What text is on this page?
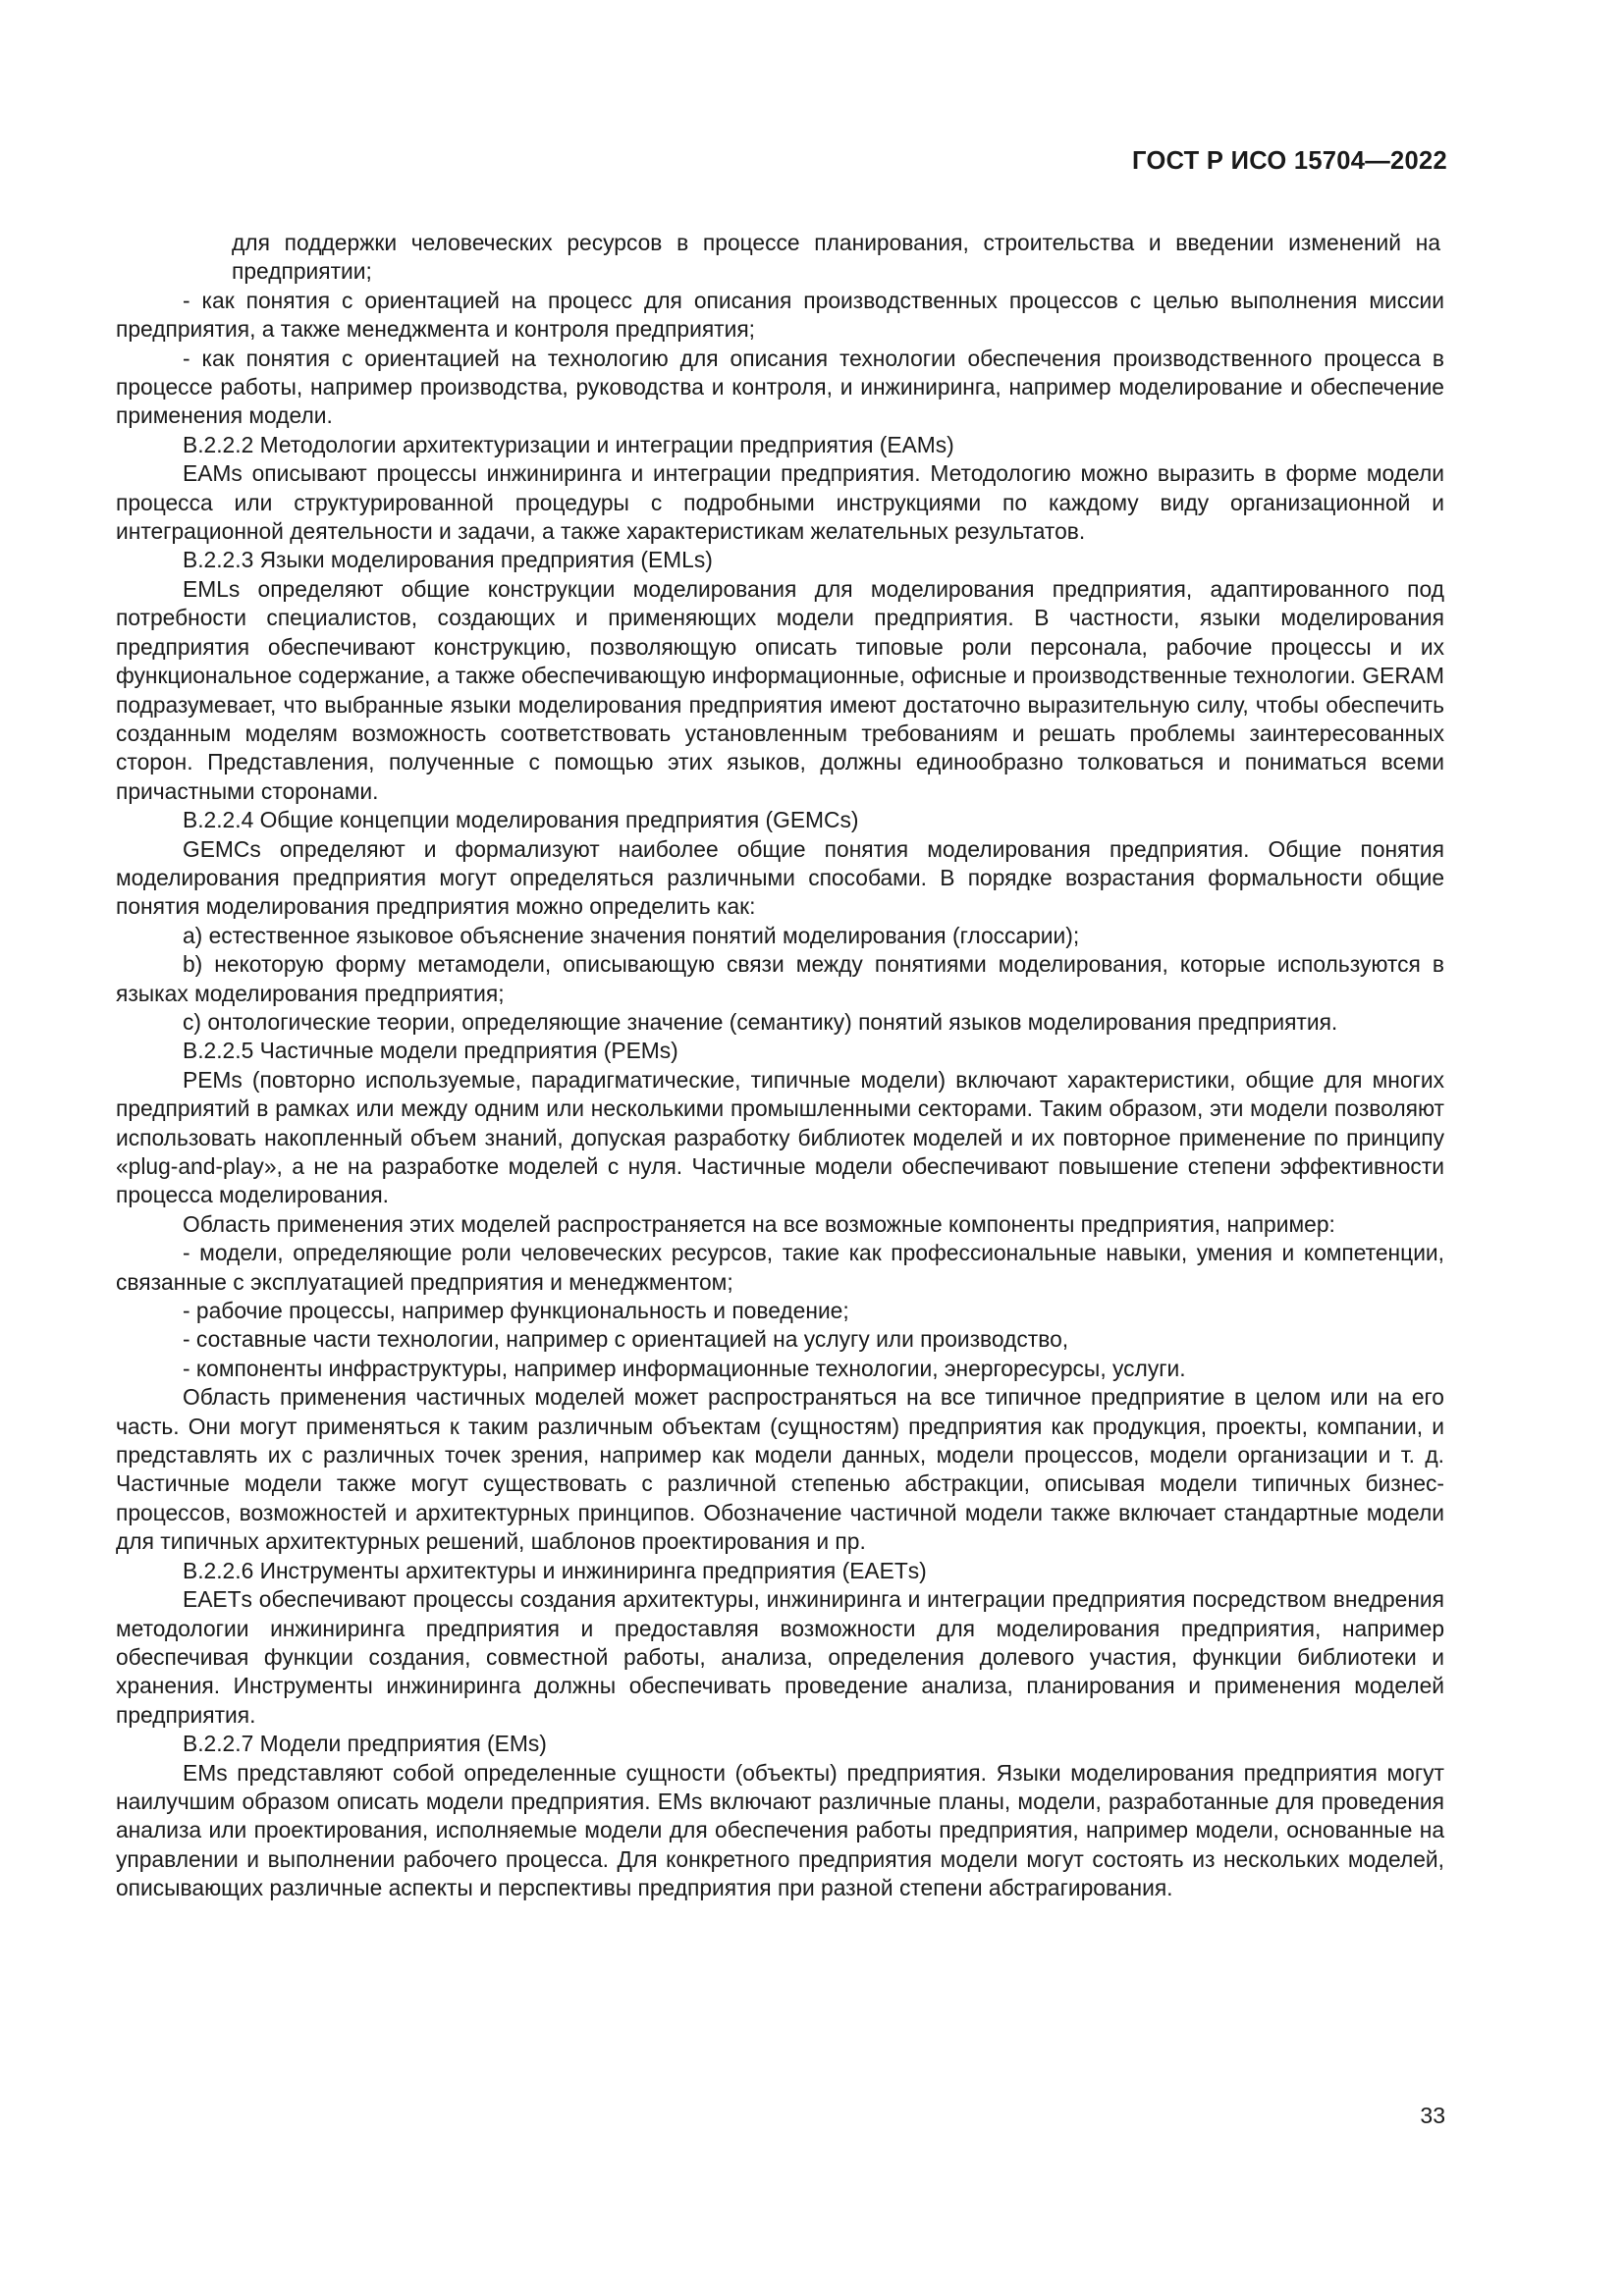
ГОСТ Р ИСО 15704—2022

для поддержки человеческих ресурсов в процессе планирования, строительства и введении изменений на предприятии;

- как понятия с ориентацией на процесс для описания производственных процессов с целью выполнения миссии предприятия, а также менеджмента и контроля предприятия;

- как понятия с ориентацией на технологию для описания технологии обеспечения производственного процесса в процессе работы, например производства, руководства и контроля, и инжиниринга, например моделирование и обеспечение применения модели.

В.2.2.2 Методологии архитектуризации и интеграции предприятия (ЕАМs)

ЕАМs описывают процессы инжиниринга и интеграции предприятия. Методологию можно выразить в форме модели процесса или структурированной процедуры с подробными инструкциями по каждому виду организационной и интеграционной деятельности и задачи, а также характеристикам желательных результатов.

В.2.2.3 Языки моделирования предприятия (ЕМLs)

ЕМLs определяют общие конструкции моделирования для моделирования предприятия, адаптированного под потребности специалистов, создающих и применяющих модели предприятия. В частности, языки моделирования предприятия обеспечивают конструкцию, позволяющую описать типовые роли персонала, рабочие процессы и их функциональное содержание, а также обеспечивающую информационные, офисные и производственные технологии. GERAM подразумевает, что выбранные языки моделирования предприятия имеют достаточно выразительную силу, чтобы обеспечить созданным моделям возможность соответствовать установленным требованиям и решать проблемы заинтересованных сторон. Представления, полученные с помощью этих языков, должны единообразно толковаться и пониматься всеми причастными сторонами.

В.2.2.4 Общие концепции моделирования предприятия (GEMCs)

GEMCs определяют и формализуют наиболее общие понятия моделирования предприятия. Общие понятия моделирования предприятия могут определяться различными способами. В порядке возрастания формальности общие понятия моделирования предприятия можно определить как:

а) естественное языковое объяснение значения понятий моделирования (глоссарии);

b) некоторую форму метамодели, описывающую связи между понятиями моделирования, которые используются в языках моделирования предприятия;

с) онтологические теории, определяющие значение (семантику) понятий языков моделирования предприятия.

В.2.2.5 Частичные модели предприятия (РЕМs)

РЕМs (повторно используемые, парадигматические, типичные модели) включают характеристики, общие для многих предприятий в рамках или между одним или несколькими промышленными секторами. Таким образом, эти модели позволяют использовать накопленный объем знаний, допуская разработку библиотек моделей и их повторное применение по принципу «plug-and-play», а не на разработке моделей с нуля. Частичные модели обеспечивают повышение степени эффективности процесса моделирования.

Область применения этих моделей распространяется на все возможные компоненты предприятия, например:

- модели, определяющие роли человеческих ресурсов, такие как профессиональные навыки, умения и компетенции, связанные с эксплуатацией предприятия и менеджментом;

- рабочие процессы, например функциональность и поведение;

- составные части технологии, например с ориентацией на услугу или производство,

- компоненты инфраструктуры, например информационные технологии, энергоресурсы, услуги.

Область применения частичных моделей может распространяться на все типичное предприятие в целом или на его часть. Они могут применяться к таким различным объектам (сущностям) предприятия как продукция, проекты, компании, и представлять их с различных точек зрения, например как модели данных, модели процессов, модели организации и т. д. Частичные модели также могут существовать с различной степенью абстракции, описывая модели типичных бизнес-процессов, возможностей и архитектурных принципов. Обозначение частичной модели также включает стандартные модели для типичных архитектурных решений, шаблонов проектирования и пр.

В.2.2.6 Инструменты архитектуры и инжиниринга предприятия (ЕАЕТs)

ЕАЕТs обеспечивают процессы создания архитектуры, инжиниринга и интеграции предприятия посредством внедрения методологии инжиниринга предприятия и предоставляя возможности для моделирования предприятия, например обеспечивая функции создания, совместной работы, анализа, определения долевого участия, функции библиотеки и хранения. Инструменты инжиниринга должны обеспечивать проведение анализа, планирования и применения моделей предприятия.

В.2.2.7 Модели предприятия (ЕМs)

ЕМs представляют собой определенные сущности (объекты) предприятия. Языки моделирования предприятия могут наилучшим образом описать модели предприятия. ЕМs включают различные планы, модели, разработанные для проведения анализа или проектирования, исполняемые модели для обеспечения работы предприятия, например модели, основанные на управлении и выполнении рабочего процесса. Для конкретного предприятия модели могут состоять из нескольких моделей, описывающих различные аспекты и перспективы предприятия при разной степени абстрагирования.

33
